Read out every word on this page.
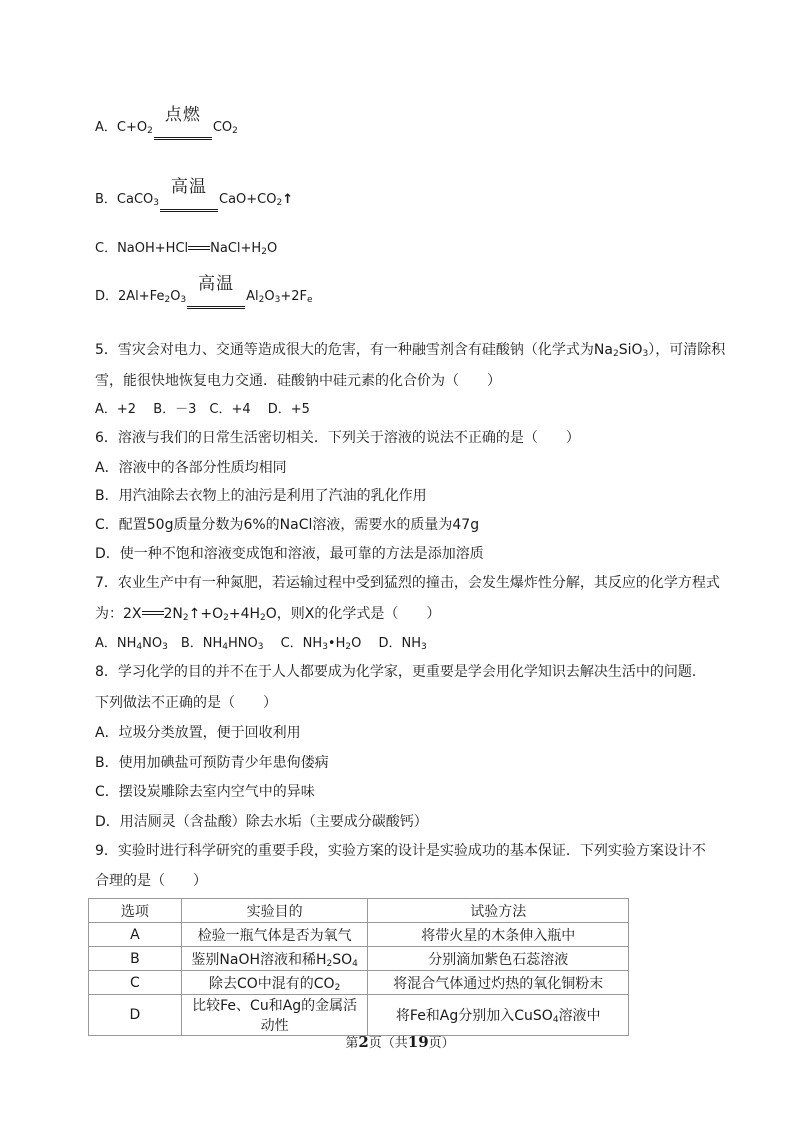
A．$C+O_2$
点燃
$CO_2$
B．CaCO$_3$
高温
$CaO+CO_2↑$
C．NaOH+HCl $NaCl+H_2O$
D．$2Al+Fe_2O_3$
高温
$Al_2O_3+2F_e$
5．雪灾会对电力、交通等造成很大的危害，有一种融雪剂含有硅酸钠（化学式为$Na_2SiO_3$），可清除积
雪，能很快地恢复电力交通．硅酸钠中硅元素的化合价为（　　）
A．+2　 B．－3　C．+4　 D．+5
6．溶液与我们的日常生活密切相关．下列关于溶液的说法不正确的是（　　）
A．溶液中的各部分性质均相同
B．用汽油除去衣物上的油污是利用了汽油的乳化作用
C．配置50g质量分数为6%的NaCl溶液，需要水的质量为47g
D．使一种不饱和溶液变成饱和溶液，最可靠的方法是添加溶质
7．农业生产中有一种氮肥，若运输过程中受到猛烈的撞击，会发生爆炸性分解，其反应的化学方程式
为：2X $2N_2↑+O_2+4H_2O$，则X的化学式是（　　）
A．$NH_4NO_3$　B．$NH_4HNO_3$　 C．$NH_3•H_2O$　 D．$NH_3$
8．学习化学的目的并不在于人人都要成为化学家，更重要是学会用化学知识去解决生活中的问题．
下列做法不正确的是（　　）
A．垃圾分类放置，便于回收利用
B．使用加碘盐可预防青少年患佝偻病
C．摆设炭雕除去室内空气中的异味
D．用洁厕灵（含盐酸）除去水垢（主要成分碳酸钙）
9．实验时进行科学研究的重要手段，实验方案的设计是实验成功的基本保证．下列实验方案设计不
合理的是（　　）
选项	实验目的	试验方法
A	检验一瓶气体是否为氧气	将带火星的木条伸入瓶中
B	鉴别NaOH溶液和稀$H_2SO_4$	分别滴加紫色石蕊溶液
C	除去CO中混有的$CO_2$	将混合气体通过灼热的氧化铜粉末
D	比较Fe、Cu和Ag的金属活动性	将Fe和Ag分别加入CuSO$_4$溶液中
第2页（共19页）
